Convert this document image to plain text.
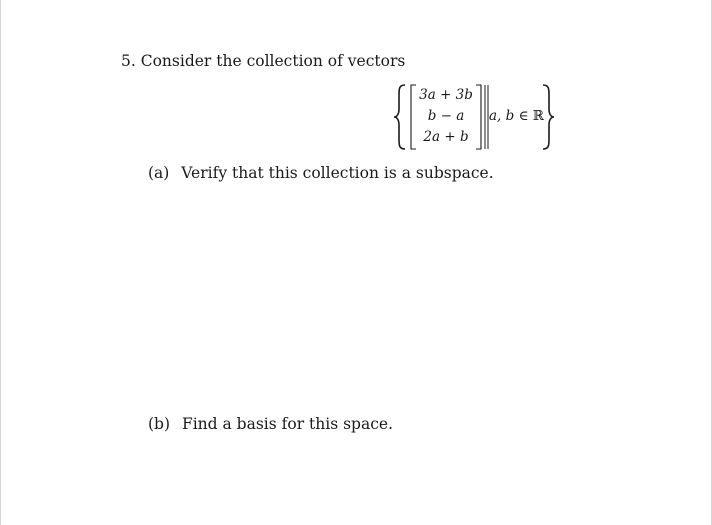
5. Consider the collection of vectors
3a + 3b
b − a
2a + b
a, b ∈ ℝ
(a) Verify that this collection is a subspace.
(b) Find a basis for this space.
